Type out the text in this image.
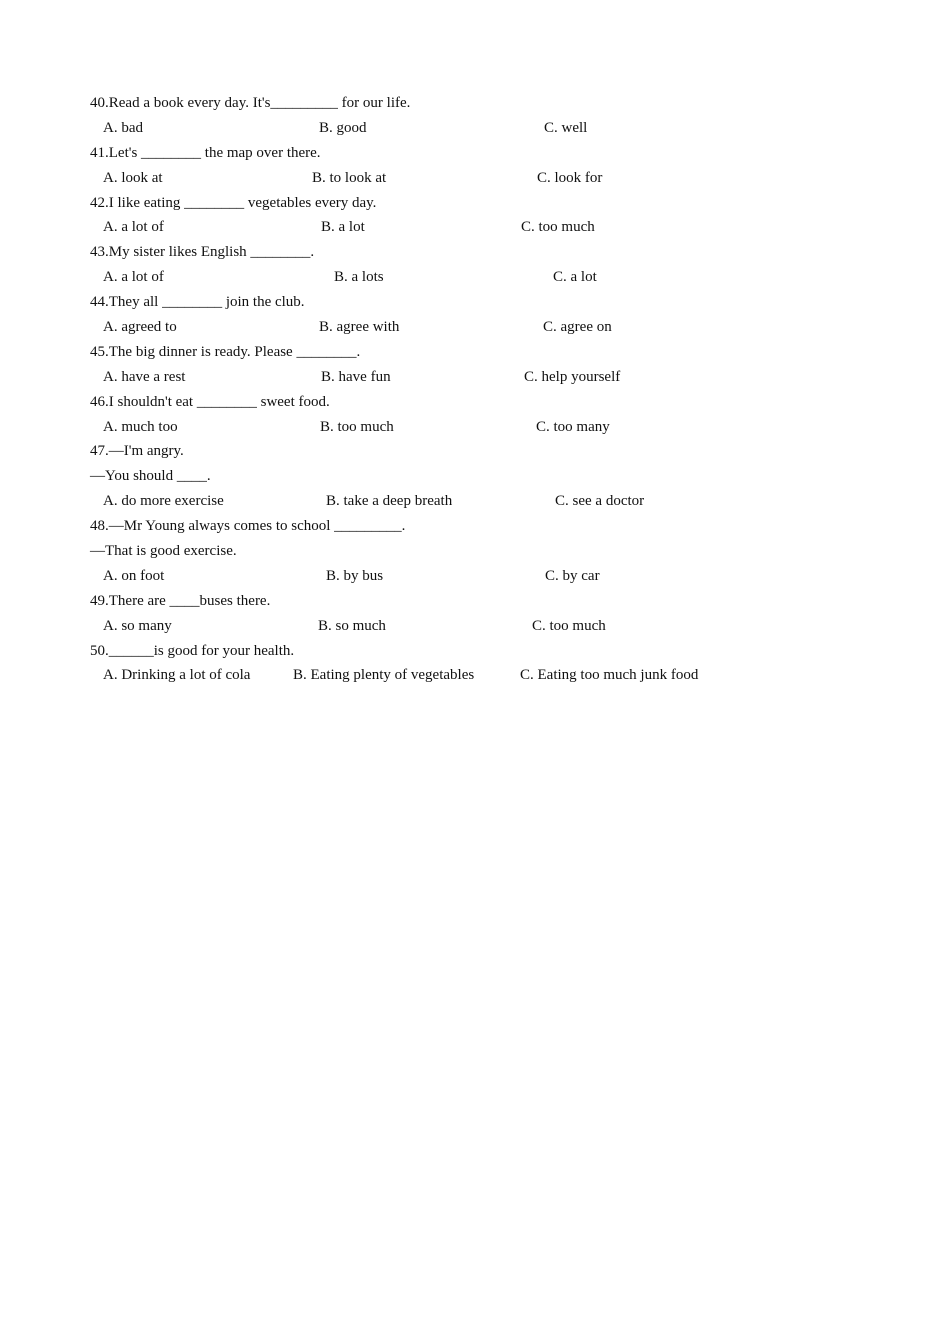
40.Read a book every day. It's_________ for our life.

A. bad

	B. good

	C. well

41.Let's ________ the map over there.

A. look at

	B. to look at

	C. look for

42.I like eating ________ vegetables every day.

A. a lot of

	B. a lot

	C. too much

43.My sister likes English ________.

A. a lot of

	B. a lots

	C. a lot

44.They all ________ join the club.

A. agreed to

	B. agree with

	C. agree on

45.The big dinner is ready. Please ________.

A. have a rest

	B. have fun

	C. help yourself

46.I shouldn't eat ________ sweet food.

A. much too

	B. too much

	C. too many

47.—I'm angry.
—You should ____.

A. do more exercise

	B. take a deep breath

	C. see a doctor

48.—Mr Young always comes to school _________.
—That is good exercise.

A. on foot

	B. by bus

	C. by car

49.There are ____buses there.

A. so many

	B. so much

	C. too much

50.______is good for your health.

A. Drinking a lot of cola

	B. Eating plenty of vegetables

	C. Eating too much junk food
